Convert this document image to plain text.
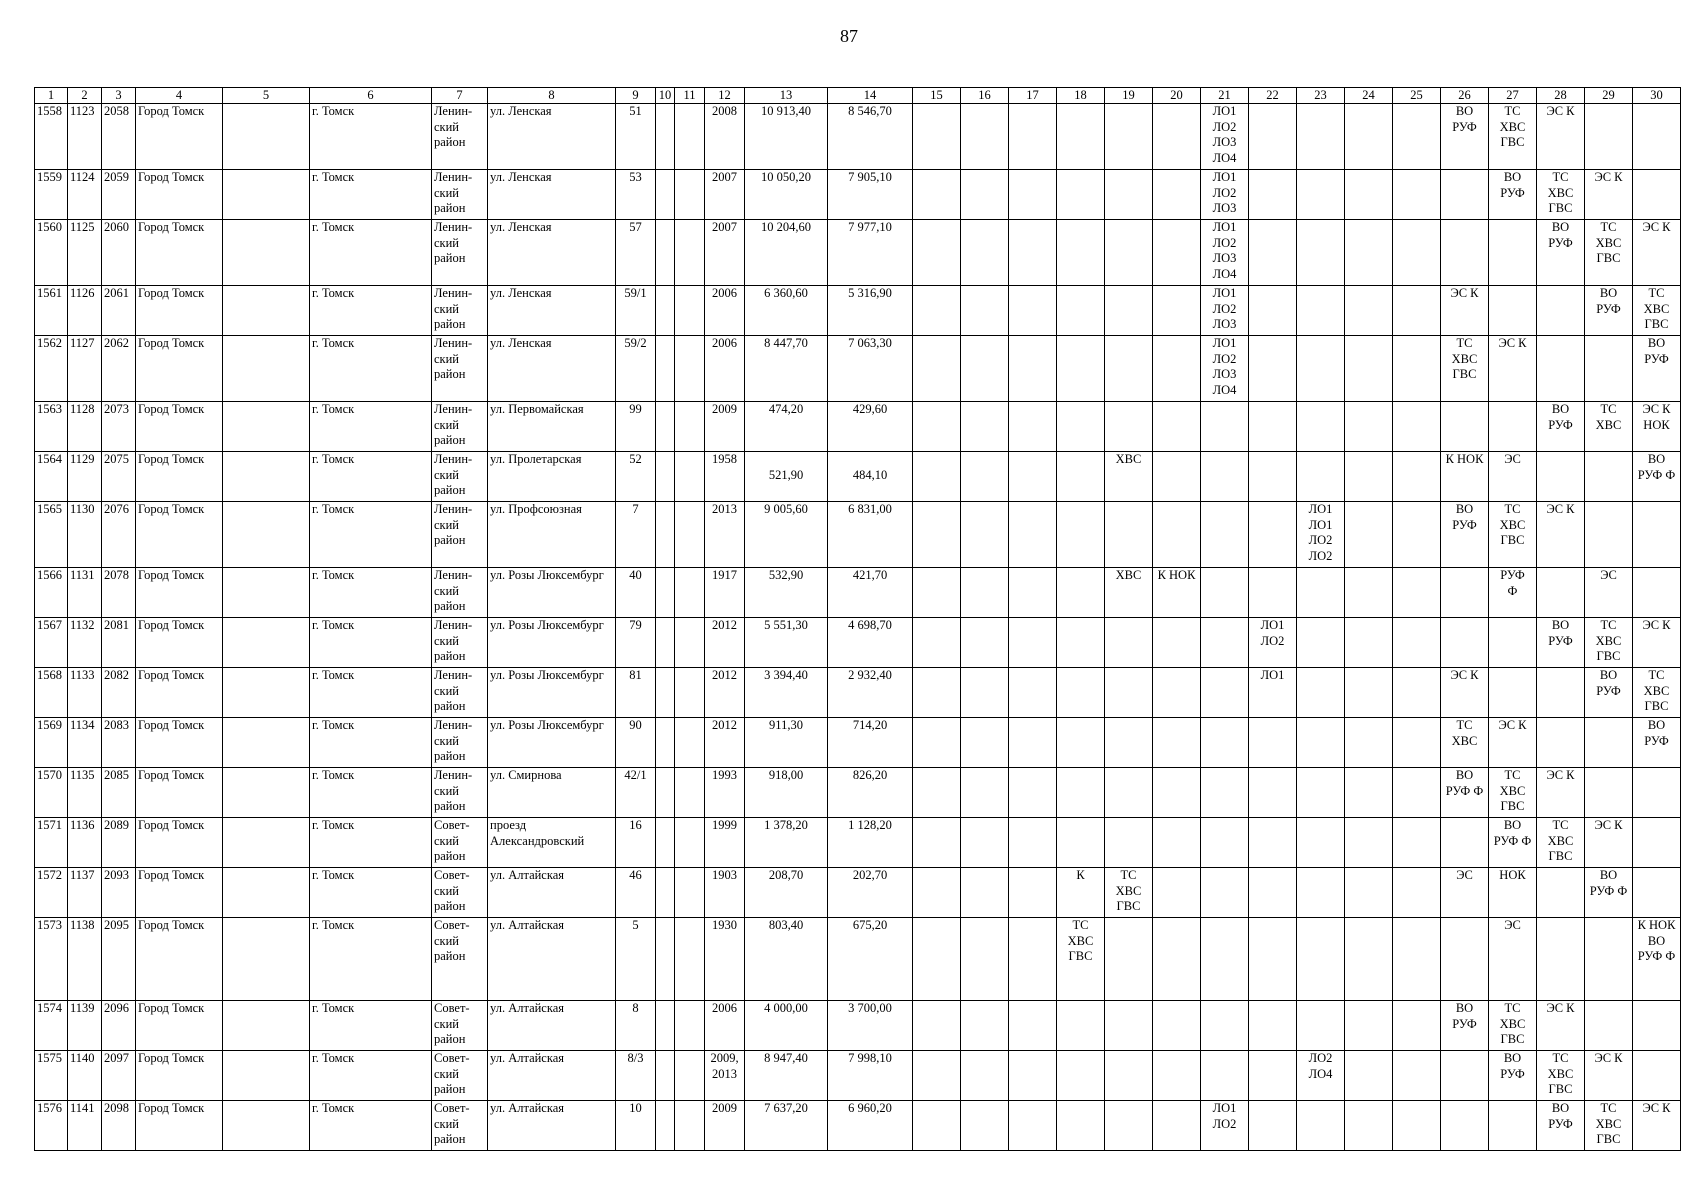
87
1	2	3	4	5	6	7	8	9	10	11	12	13	14	15	16	17	18	19	20	21	22	23	24	25	26	27	28	29	30

1558	1123	2058	Город Томск		г. Томск	Ленин-
ский
район	ул. Ленская	51			2008	10 913,40	8 546,70							ЛО1
ЛО2
ЛО3
ЛО4					ВО
РУФ	ТС
ХВС
ГВС	ЭС К		

1559	1124	2059	Город Томск		г. Томск	Ленин-
ский
район	ул. Ленская	53			2007	10 050,20	7 905,10							ЛО1
ЛО2
ЛО3						ВО
РУФ	ТС
ХВС
ГВС	ЭС К	

1560	1125	2060	Город Томск		г. Томск	Ленин-
ский
район	ул. Ленская	57			2007	10 204,60	7 977,10							ЛО1
ЛО2
ЛО3
ЛО4							ВО
РУФ	ТС
ХВС
ГВС	ЭС К

1561	1126	2061	Город Томск		г. Томск	Ленин-
ский
район	ул. Ленская	59/1			2006	6 360,60	5 316,90							ЛО1
ЛО2
ЛО3					ЭС К			ВО
РУФ	ТС
ХВС
ГВС

1562	1127	2062	Город Томск		г. Томск	Ленин-
ский
район	ул. Ленская	59/2			2006	8 447,70	7 063,30							ЛО1
ЛО2
ЛО3
ЛО4					ТС
ХВС
ГВС	ЭС К			ВО
РУФ

1563	1128	2073	Город Томск		г. Томск	Ленин-
ский
район	ул. Первомайская	99			2009	474,20	429,60														ВО
РУФ	ТС
ХВС	ЭС К
НОК

1564	1129	2075	Город Томск		г. Томск	Ленин-
ский
район	ул. Пролетарская	52			1958	521,90	484,10					ХВС							К НОК	ЭС			ВО
РУФ Ф

1565	1130	2076	Город Томск		г. Томск	Ленин-
ский
район	ул. Профсоюзная	7			2013	9 005,60	6 831,00									ЛО1
ЛО1
ЛО2
ЛО2			ВО
РУФ	ТС
ХВС
ГВС	ЭС К		

1566	1131	2078	Город Томск		г. Томск	Ленин-
ский
район	ул. Розы Люксембург	40			1917	532,90	421,70					ХВС	К НОК							РУФ
Ф		ЭС	

1567	1132	2081	Город Томск		г. Томск	Ленин-
ский
район	ул. Розы Люксембург	79			2012	5 551,30	4 698,70								ЛО1
ЛО2						ВО
РУФ	ТС
ХВС
ГВС	ЭС К

1568	1133	2082	Город Томск		г. Томск	Ленин-
ский
район	ул. Розы Люксембург	81			2012	3 394,40	2 932,40								ЛО1				ЭС К			ВО
РУФ	ТС
ХВС
ГВС

1569	1134	2083	Город Томск		г. Томск	Ленин-
ский
район	ул. Розы Люксембург	90			2012	911,30	714,20												ТС
ХВС	ЭС К			ВО
РУФ

1570	1135	2085	Город Томск		г. Томск	Ленин-
ский
район	ул. Смирнова	42/1			1993	918,00	826,20												ВО
РУФ Ф	ТС
ХВС
ГВС	ЭС К		

1571	1136	2089	Город Томск		г. Томск	Совет-
ский
район	проезд
Александровский	16			1999	1 378,20	1 128,20													ВО
РУФ Ф	ТС
ХВС
ГВС	ЭС К	

1572	1137	2093	Город Томск		г. Томск	Совет-
ский
район	ул. Алтайская	46			1903	208,70	202,70				К	ТС
ХВС
ГВС							ЭС	НОК		ВО
РУФ Ф	

1573	1138	2095	Город Томск		г. Томск	Совет-
ский
район	ул. Алтайская	5			1930	803,40	675,20				ТС
ХВС
ГВС									ЭС			К НОК
ВО
РУФ Ф

1574	1139	2096	Город Томск		г. Томск	Совет-
ский
район	ул. Алтайская	8			2006	4 000,00	3 700,00												ВО
РУФ	ТС
ХВС
ГВС	ЭС К		

1575	1140	2097	Город Томск		г. Томск	Совет-
ский
район	ул. Алтайская	8/3			2009,
2013	8 947,40	7 998,10									ЛО2
ЛО4				ВО
РУФ	ТС
ХВС
ГВС	ЭС К	

1576	1141	2098	Город Томск		г. Томск	Совет-
ский
район	ул. Алтайская	10			2009	7 637,20	6 960,20							ЛО1
ЛО2							ВО
РУФ	ТС
ХВС
ГВС	ЭС К
